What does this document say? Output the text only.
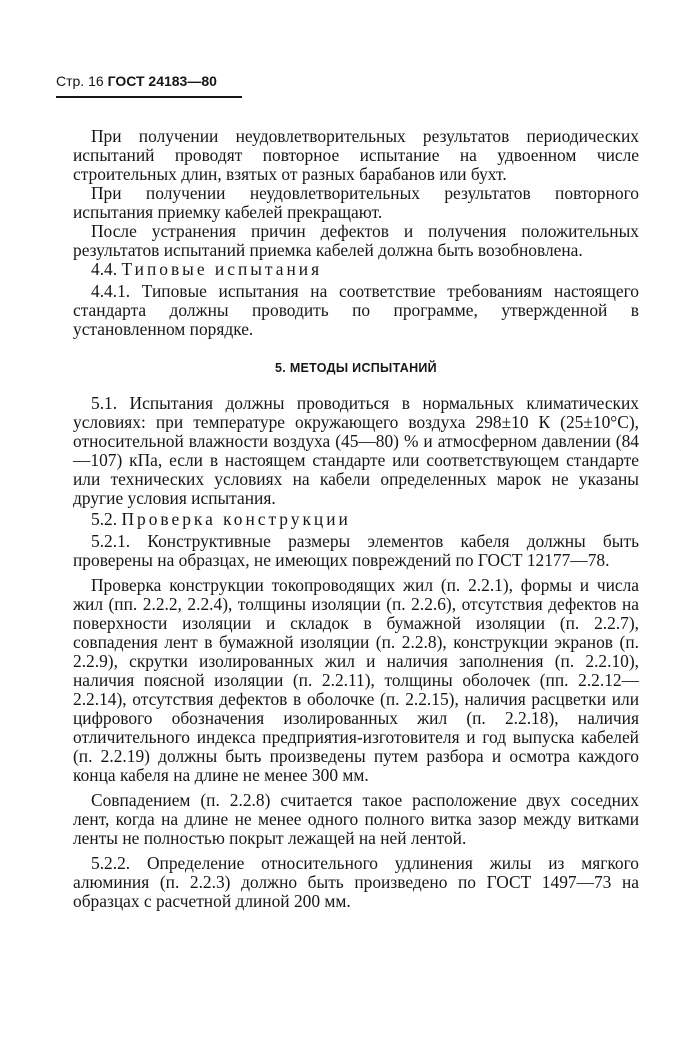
Стр. 16 ГОСТ 24183—80

При получении неудовлетворительных результатов периодических испытаний проводят повторное испытание на удвоенном числе строительных длин, взятых от разных барабанов или бухт.

При получении неудовлетворительных результатов повторного испытания приемку кабелей прекращают.

После устранения причин дефектов и получения положительных результатов испытаний приемка кабелей должна быть возобновлена.

4.4. Типовые испытания

4.4.1. Типовые испытания на соответствие требованиям настоящего стандарта должны проводить по программе, утвержденной в установленном порядке.

5. МЕТОДЫ ИСПЫТАНИЙ

5.1. Испытания должны проводиться в нормальных климатических условиях: при температуре окружающего воздуха 298±10 К (25±10°С), относительной влажности воздуха (45—80) % и атмосферном давлении (84—107) кПа, если в настоящем стандарте или соответствующем стандарте или технических условиях на кабели определенных марок не указаны другие условия испытания.

5.2. Проверка конструкции

5.2.1. Конструктивные размеры элементов кабеля должны быть проверены на образцах, не имеющих повреждений по ГОСТ 12177—78.

Проверка конструкции токопроводящих жил (п. 2.2.1), формы и числа жил (пп. 2.2.2, 2.2.4), толщины изоляции (п. 2.2.6), отсутствия дефектов на поверхности изоляции и складок в бумажной изоляции (п. 2.2.7), совпадения лент в бумажной изоляции (п. 2.2.8), конструкции экранов (п. 2.2.9), скрутки изолированных жил и наличия заполнения (п. 2.2.10), наличия поясной изоляции (п. 2.2.11), толщины оболочек (пп. 2.2.12—2.2.14), отсутствия дефектов в оболочке (п. 2.2.15), наличия расцветки или цифрового обозначения изолированных жил (п. 2.2.18), наличия отличительного индекса предприятия-изготовителя и год выпуска кабелей (п. 2.2.19) должны быть произведены путем разбора и осмотра каждого конца кабеля на длине не менее 300 мм.

Совпадением (п. 2.2.8) считается такое расположение двух соседних лент, когда на длине не менее одного полного витка зазор между витками ленты не полностью покрыт лежащей на ней лентой.

5.2.2. Определение относительного удлинения жилы из мягкого алюминия (п. 2.2.3) должно быть произведено по ГОСТ 1497—73 на образцах с расчетной длиной 200 мм.
